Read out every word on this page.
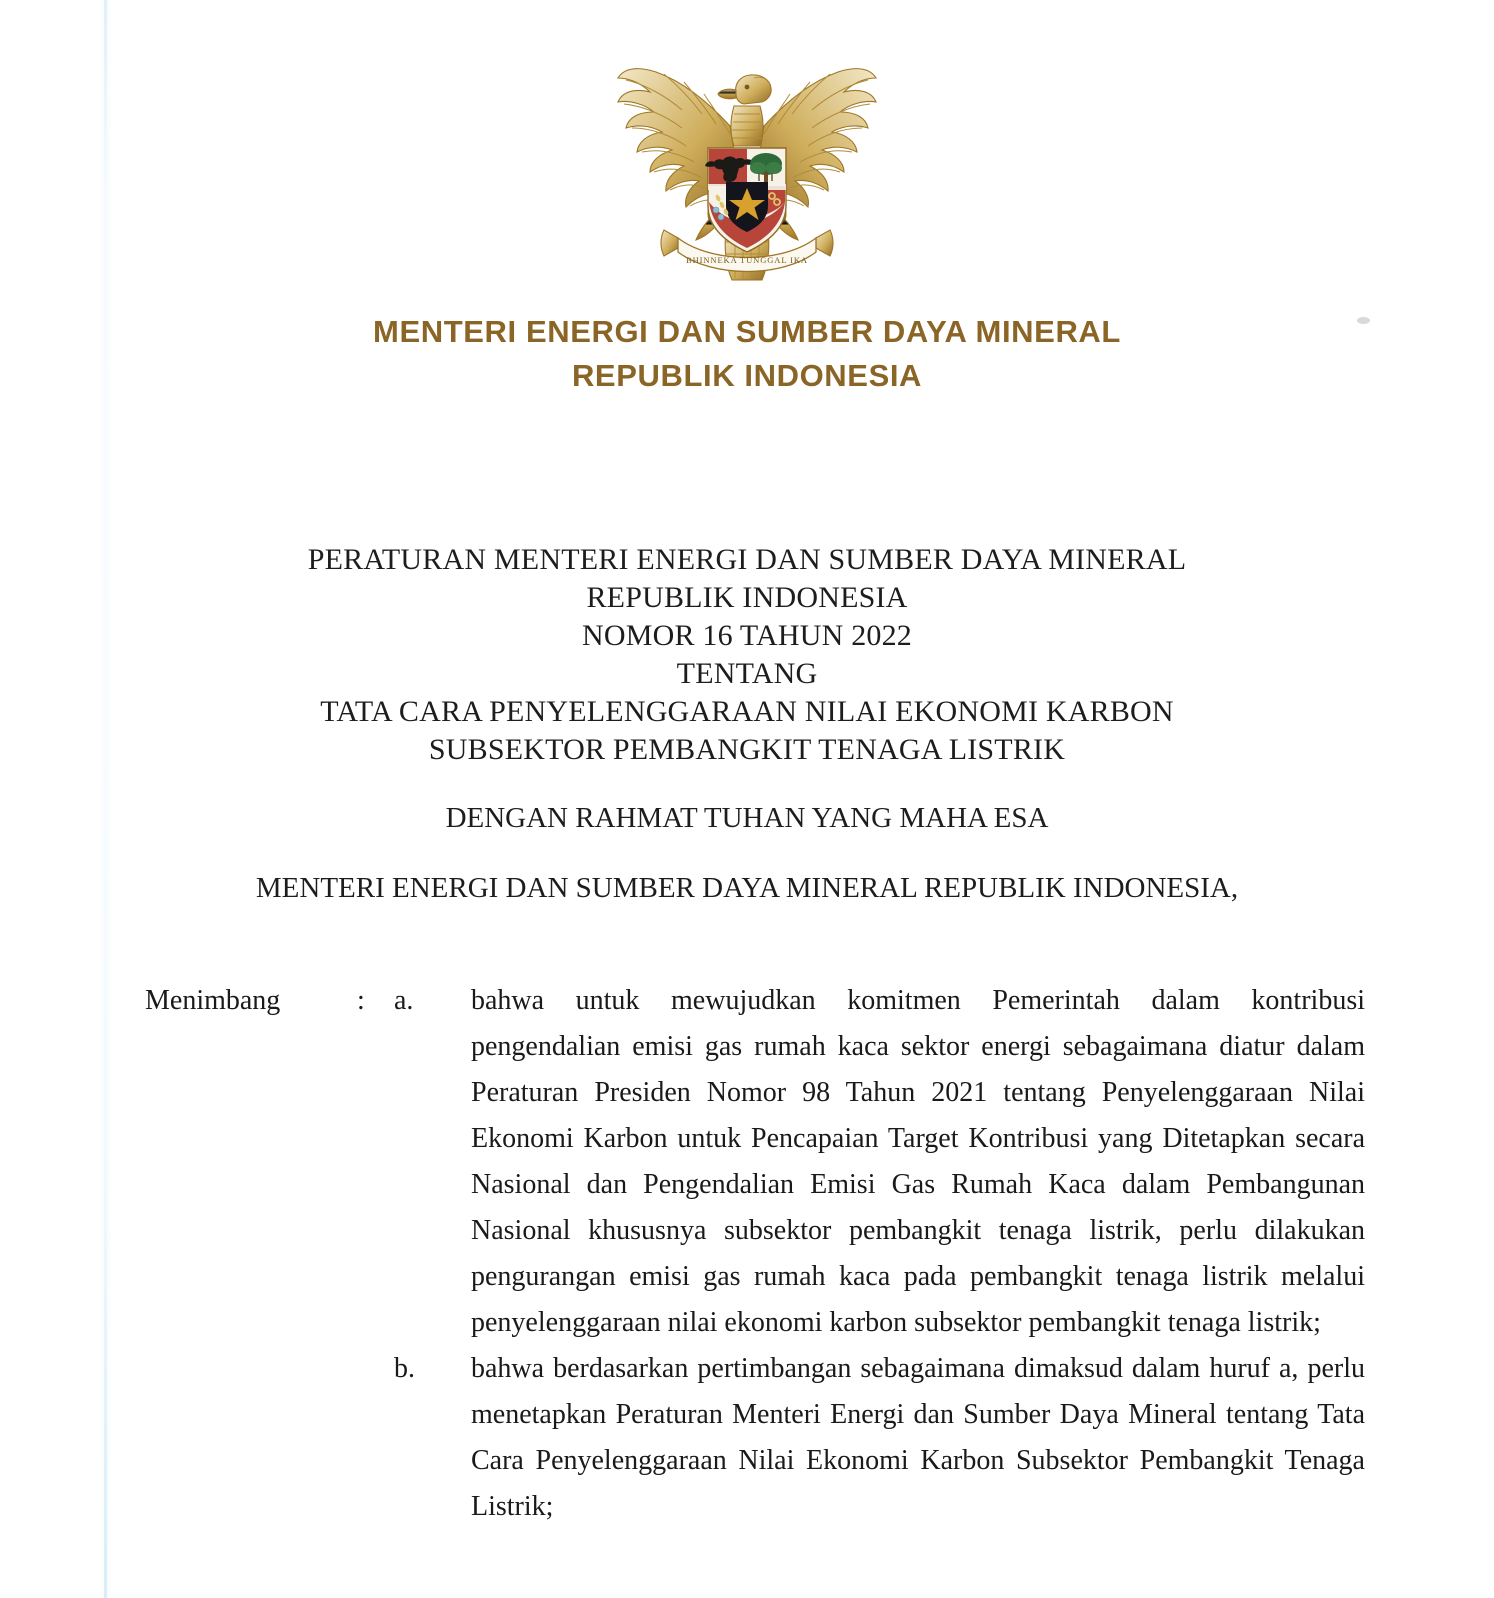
BHINNEKA TUNGGAL IKA
MENTERI ENERGI DAN SUMBER DAYA MINERAL
REPUBLIK INDONESIA
PERATURAN MENTERI ENERGI DAN SUMBER DAYA MINERAL
REPUBLIK INDONESIA
NOMOR 16 TAHUN 2022
TENTANG
TATA CARA PENYELENGGARAAN NILAI EKONOMI KARBON
SUBSEKTOR PEMBANGKIT TENAGA LISTRIK
DENGAN RAHMAT TUHAN YANG MAHA ESA
MENTERI ENERGI DAN SUMBER DAYA MINERAL REPUBLIK INDONESIA,
Menimbang	:	a.	bahwa untuk mewujudkan komitmen Pemerintah dalam kontribusi pengendalian emisi gas rumah kaca sektor energi sebagaimana diatur dalam Peraturan Presiden Nomor 98 Tahun 2021 tentang Penyelenggaraan Nilai Ekonomi Karbon untuk Pencapaian Target Kontribusi yang Ditetapkan secara Nasional dan Pengendalian Emisi Gas Rumah Kaca dalam Pembangunan Nasional khususnya subsektor pembangkit tenaga listrik, perlu dilakukan pengurangan emisi gas rumah kaca pada pembangkit tenaga listrik melalui penyelenggaraan nilai ekonomi karbon subsektor pembangkit tenaga listrik;
b.	bahwa berdasarkan pertimbangan sebagaimana dimaksud dalam huruf a, perlu menetapkan Peraturan Menteri Energi dan Sumber Daya Mineral tentang Tata Cara Penyelenggaraan Nilai Ekonomi Karbon Subsektor Pembangkit Tenaga Listrik;
